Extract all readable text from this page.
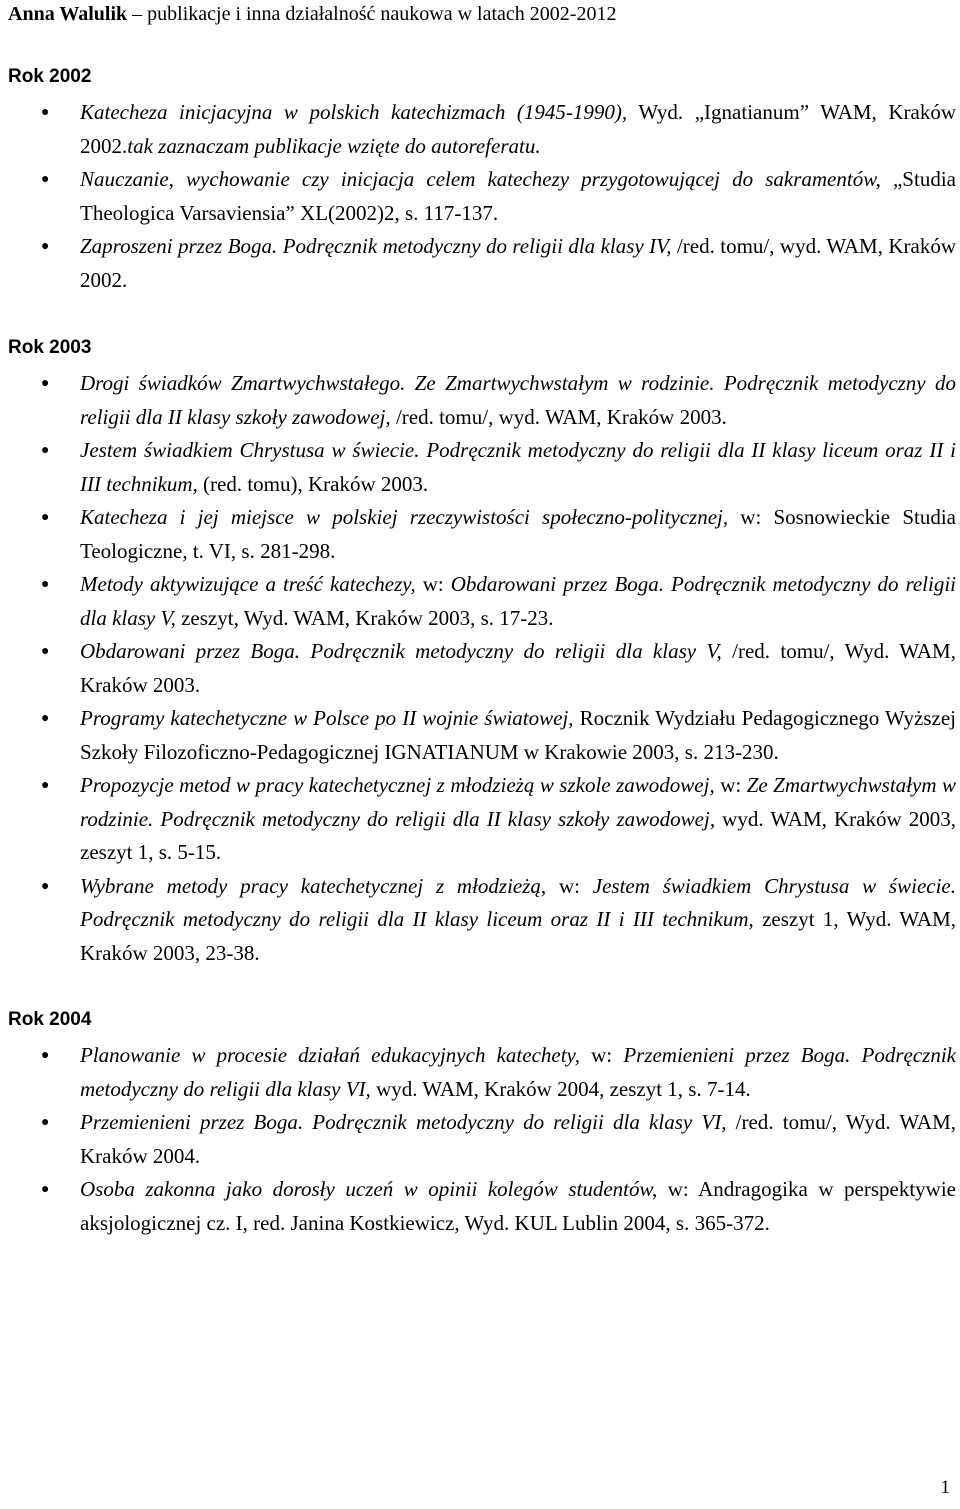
Anna Walulik – publikacje i inna działalność naukowa w latach 2002-2012
Rok 2002
● Katecheza inicjacyjna w polskich katechizmach (1945-1990), Wyd. „Ignatianum” WAM, Kraków 2002.tak zaznaczam publikacje wzięte do autoreferatu.
● Nauczanie, wychowanie czy inicjacja celem katechezy przygotowującej do sakramentów, „Studia Theologica Varsaviensia” XL(2002)2, s. 117-137.
● Zaproszeni przez Boga. Podręcznik metodyczny do religii dla klasy IV, /red. tomu/, wyd. WAM, Kraków 2002.
Rok 2003
● Drogi świadków Zmartwychwstałego. Ze Zmartwychwstałym w rodzinie. Podręcznik metodyczny do religii dla II klasy szkoły zawodowej, /red. tomu/, wyd. WAM, Kraków 2003.
● Jestem świadkiem Chrystusa w świecie. Podręcznik metodyczny do religii dla II klasy liceum oraz II i III technikum, (red. tomu), Kraków 2003.
● Katecheza i jej miejsce w polskiej rzeczywistości społeczno-politycznej, w: Sosnowieckie Studia Teologiczne, t. VI, s. 281-298.
● Metody aktywizujące a treść katechezy, w: Obdarowani przez Boga. Podręcznik metodyczny do religii dla klasy V, zeszyt, Wyd. WAM, Kraków 2003, s. 17-23.
● Obdarowani przez Boga. Podręcznik metodyczny do religii dla klasy V, /red. tomu/, Wyd. WAM, Kraków 2003.
● Programy katechetyczne w Polsce po II wojnie światowej, Rocznik Wydziału Pedagogicznego Wyższej Szkoły Filozoficzno-Pedagogicznej IGNATIANUM w Krakowie 2003, s. 213-230.
● Propozycje metod w pracy katechetycznej z młodzieżą w szkole zawodowej, w: Ze Zmartwychwstałym w rodzinie. Podręcznik metodyczny do religii dla II klasy szkoły zawodowej, wyd. WAM, Kraków 2003, zeszyt 1, s. 5-15.
● Wybrane metody pracy katechetycznej z młodzieżą, w: Jestem świadkiem Chrystusa w świecie. Podręcznik metodyczny do religii dla II klasy liceum oraz II i III technikum, zeszyt 1, Wyd. WAM, Kraków 2003, 23-38.
Rok 2004
● Planowanie w procesie działań edukacyjnych katechety, w: Przemienieni przez Boga. Podręcznik metodyczny do religii dla klasy VI, wyd. WAM, Kraków 2004, zeszyt 1, s. 7-14.
● Przemienieni przez Boga. Podręcznik metodyczny do religii dla klasy VI, /red. tomu/, Wyd. WAM, Kraków 2004.
● Osoba zakonna jako dorosły uczeń w opinii kolegów studentów, w: Andragogika w perspektywie aksjologicznej cz. I, red. Janina Kostkiewicz, Wyd. KUL Lublin 2004, s. 365-372.
1
